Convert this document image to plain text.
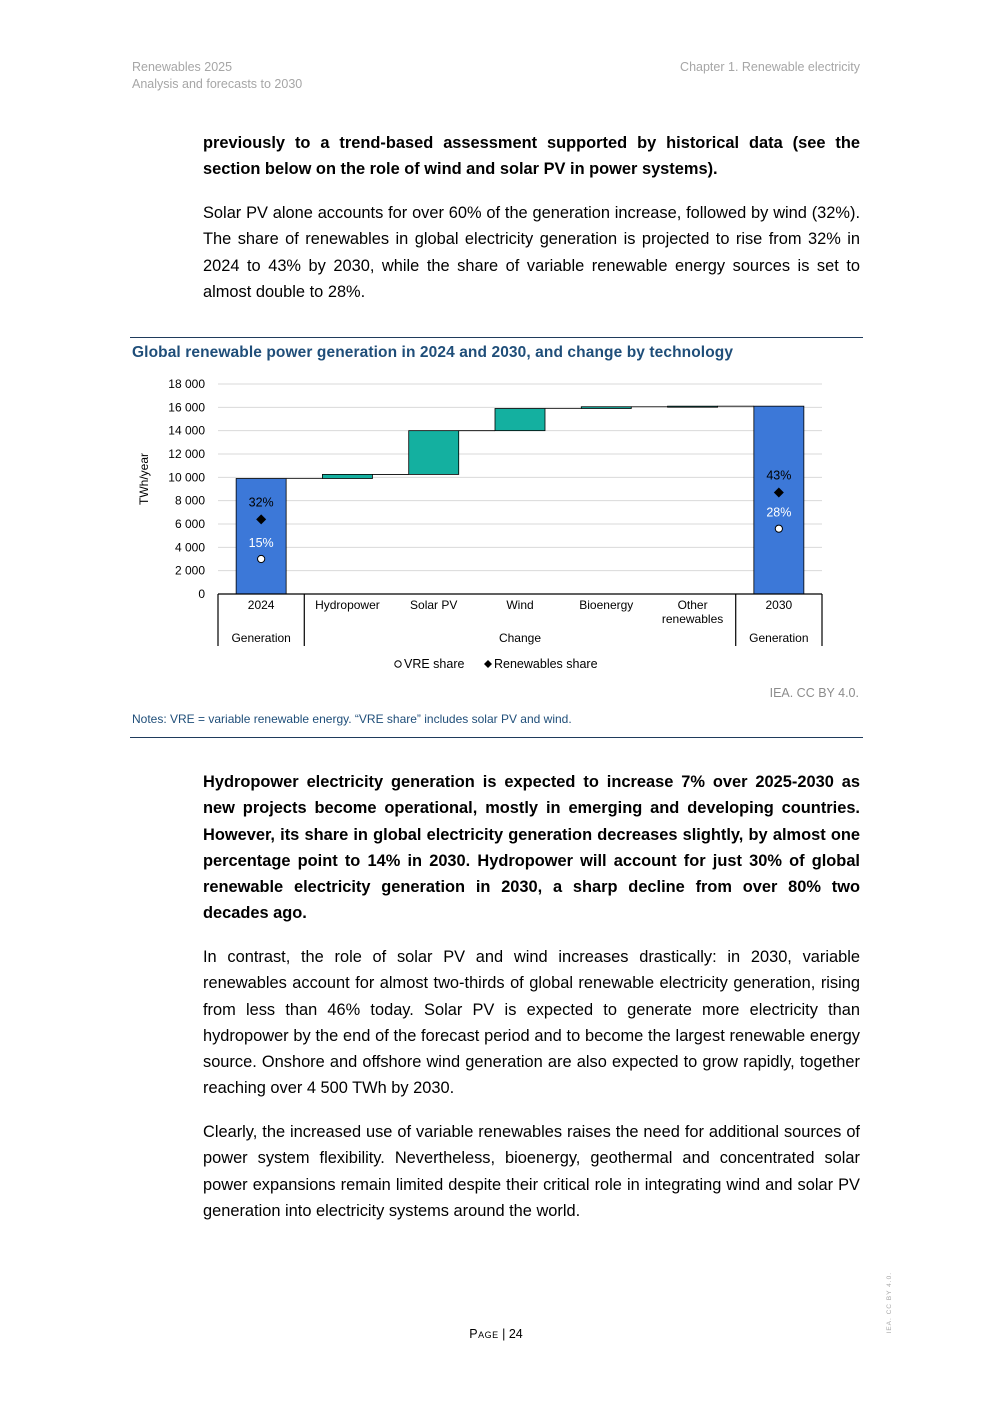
Renewables 2025
Analysis and forecasts to 2030
Chapter 1. Renewable electricity

previously to a trend-based assessment supported by historical data (see the section below on the role of wind and solar PV in power systems).

Solar PV alone accounts for over 60% of the generation increase, followed by wind (32%). The share of renewables in global electricity generation is projected to rise from 32% in 2024 to 43% by 2030, while the share of variable renewable energy sources is set to almost double to 28%.

Global renewable power generation in 2024 and 2030, and change by technology
0
2 000
4 000
6 000
8 000
10 000
12 000
14 000
16 000
18 000
TWh/year
Generation	Change	Generation
2024	Hydropower	Solar PV	Wind	Bioenergy	Other
renewables
2030
32%
43%
15%
28%
VRE share Renewables share
IEA. CC BY 4.0.
Notes: VRE = variable renewable energy. “VRE share” includes solar PV and wind.

Hydropower electricity generation is expected to increase 7% over 2025-2030 as new projects become operational, mostly in emerging and developing countries. However, its share in global electricity generation decreases slightly, by almost one percentage point to 14% in 2030. Hydropower will account for just 30% of global renewable electricity generation in 2030, a sharp decline from over 80% two decades ago.

In contrast, the role of solar PV and wind increases drastically: in 2030, variable renewables account for almost two-thirds of global renewable electricity generation, rising from less than 46% today. Solar PV is expected to generate more electricity than hydropower by the end of the forecast period and to become the largest renewable energy source. Onshore and offshore wind generation are also expected to grow rapidly, together reaching over 4 500 TWh by 2030.

Clearly, the increased use of variable renewables raises the need for additional sources of power system flexibility. Nevertheless, bioenergy, geothermal and concentrated solar power expansions remain limited despite their critical role in integrating wind and solar PV generation into electricity systems around the world.

Page | 24
IEA. CC BY 4.0.
